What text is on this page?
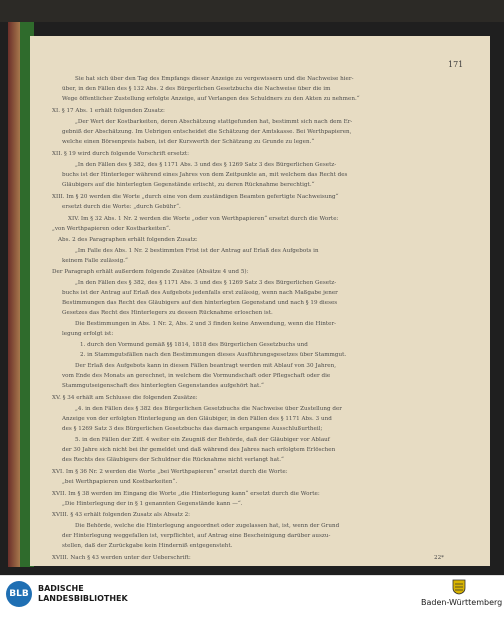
171
Sie hat sich über den Tag des Empfangs dieser Anzeige zu vergewissern und die Nachweise hier-
über, in den Fällen des § 132 Abs. 2 des Bürgerlichen Gesetzbuchs die Nachweise über die im
Wege öffentlicher Zustellung erfolgte Anzeige, auf Verlangen des Schuldners zu den Akten zu nehmen.“
XI. § 17 Abs. 1 erhält folgenden Zusatz:
„Der Wert der Kostbarkeiten, deren Abschätzung stattgefunden hat, bestimmt sich nach dem Er-
gebniß der Abschätzung. Im Uebrigen entscheidet die Schätzung der Amtskasse. Bei Werthpapieren,
welche einen Börsenpreis haben, ist der Kurswerth der Schätzung zu Grunde zu legen.“
XII. § 19 wird durch folgende Vorschrift ersetzt:
„In den Fällen des § 382, des § 1171 Abs. 3 und des § 1269 Satz 3 des Bürgerlichen Gesetz-
buchs ist der Hinterleger während eines Jahres von dem Zeitpunkte an, mit welchem das Recht des
Gläubigers auf die hinterlegten Gegenstände erlischt, zu deren Rücknahme berechtigt.“
XIII. Im § 20 werden die Worte „durch eine von dem zuständigen Beamten gefertigte Nachweisung“
ersetzt durch die Worte: „durch Gebühr“.
XIV. Im § 32 Abs. 1 Nr. 2 werden die Worte „oder von Werthpapieren“ ersetzt durch die Worte:
„von Werthpapieren oder Kostbarkeiten“.
Abs. 2 des Paragraphen erhält folgenden Zusatz:
„Im Falle des Abs. 1 Nr. 2 bestimmten Frist ist der Antrag auf Erlaß des Aufgebots in
keinem Falle zulässig.“
Der Paragraph erhält außerdem folgende Zusätze (Absätze 4 und 5):
„In den Fällen des § 382, des § 1171 Abs. 3 und des § 1269 Satz 3 des Bürgerlichen Gesetz-
buchs ist der Antrag auf Erlaß des Aufgebots jedenfalls erst zulässig, wenn nach Maßgabe jener
Bestimmungen das Recht des Gläubigers auf den hinterlegten Gegenstand und nach § 19 dieses
Gesetzes das Recht des Hinterlegers zu dessen Rücknahme erloschen ist.
Die Bestimmungen in Abs. 1 Nr. 2, Abs. 2 und 3 finden keine Anwendung, wenn die Hinter-
legung erfolgt ist:
1. durch den Vormund gemäß §§ 1814, 1818 des Bürgerlichen Gesetzbuchs und
2. in Stammgutsfällen nach den Bestimmungen dieses Ausführungsgesetzes über Stammgut.
Der Erlaß des Aufgebots kann in diesen Fällen beantragt werden mit Ablauf von 30 Jahren,
vom Ende des Monats an gerechnet, in welchem die Vormundschaft oder Pflegschaft oder die
Stammgutseigenschaft des hinterlegten Gegenstandes aufgehört hat.“
XV. § 34 erhält am Schlusse die folgenden Zusätze:
„4. in den Fällen des § 382 des Bürgerlichen Gesetzbuchs die Nachweise über Zustellung der
Anzeige von der erfolgten Hinterlegung an den Gläubiger, in den Fällen des § 1171 Abs. 3 und
des § 1269 Satz 3 des Bürgerlichen Gesetzbuchs das darnach ergangene Ausschlußurtheil;
5. in den Fällen der Ziff. 4 weiter ein Zeugniß der Behörde, daß der Gläubiger vor Ablauf
der 30 Jahre sich nicht bei ihr gemeldet und daß während des Jahres nach erfolgtem Erlöschen
des Rechts des Gläubigers der Schuldner die Rücknahme nicht verlangt hat.“
XVI. Im § 36 Nr. 2 werden die Worte „bei Werthpapieren“ ersetzt durch die Worte:
„bei Werthpapieren und Kostbarkeiten“.
XVII. Im § 38 werden im Eingang die Worte „die Hinterlegung kann“ ersetzt durch die Worte:
„Die Hinterlegung der in § 1 genannten Gegenstände kann —“.
XVIII. § 43 erhält folgenden Zusatz als Absatz 2:
Die Behörde, welche die Hinterlegung angeordnet oder zugelassen hat, ist, wenn der Grund
der Hinterlegung weggefallen ist, verpflichtet, auf Antrag eine Bescheinigung darüber auszu-
stellen, daß der Zurückgabe kein Hinderniß entgegensteht.
XVIII. Nach § 43 werden unter der Ueberschrift:	22*
BLB
BADISCHE
LANDESBIBLIOTHEK	Baden-Württemberg
